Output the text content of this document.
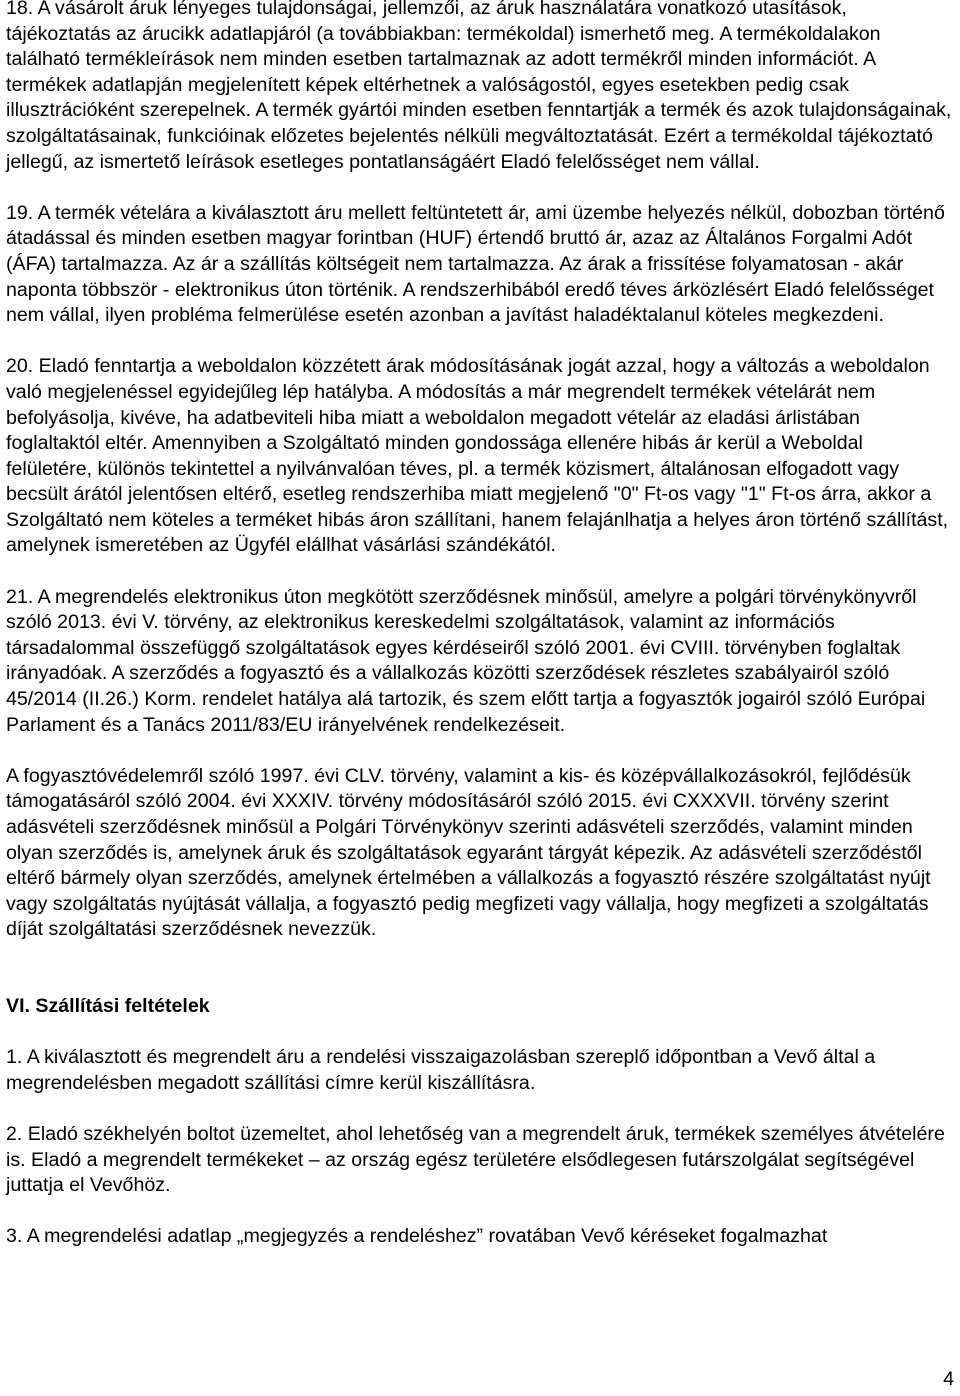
18. A vásárolt áruk lényeges tulajdonságai, jellemzői, az áruk használatára vonatkozó utasítások, tájékoztatás az árucikk adatlapjáról (a továbbiakban: termékoldal) ismerhető meg. A termékoldalakon található termékleírások nem minden esetben tartalmaznak az adott termékről minden információt. A termékek adatlapján megjelenített képek eltérhetnek a valóságostól, egyes esetekben pedig csak illusztrációként szerepelnek. A termék gyártói minden esetben fenntartják a termék és azok tulajdonságainak, szolgáltatásainak, funkcióinak előzetes bejelentés nélküli megváltoztatását. Ezért a termékoldal tájékoztató jellegű, az ismertető leírások esetleges pontatlanságáért Eladó felelősséget nem vállal.

19. A termék vételára a kiválasztott áru mellett feltüntetett ár, ami üzembe helyezés nélkül, dobozban történő átadással és minden esetben magyar forintban (HUF) értendő bruttó ár, azaz az Általános Forgalmi Adót (ÁFA) tartalmazza. Az ár a szállítás költségeit nem tartalmazza. Az árak a frissítése folyamatosan - akár naponta többször - elektronikus úton történik. A rendszerhibából eredő téves árközlésért Eladó felelősséget nem vállal, ilyen probléma felmerülése esetén azonban a javítást haladéktalanul köteles megkezdeni.

20. Eladó fenntartja a weboldalon közzétett árak módosításának jogát azzal, hogy a változás a weboldalon való megjelenéssel egyidejűleg lép hatályba. A módosítás a már megrendelt termékek vételárát nem befolyásolja, kivéve, ha adatbeviteli hiba miatt a weboldalon megadott vételár az eladási árlistában foglaltaktól eltér. Amennyiben a Szolgáltató minden gondossága ellenére hibás ár kerül a Weboldal felületére, különös tekintettel a nyilvánvalóan téves, pl. a termék közismert, általánosan elfogadott vagy becsült árától jelentősen eltérő, esetleg rendszerhiba miatt megjelenő "0" Ft-os vagy "1" Ft-os árra, akkor a Szolgáltató nem köteles a terméket hibás áron szállítani, hanem felajánlhatja a helyes áron történő szállítást, amelynek ismeretében az Ügyfél elállhat vásárlási szándékától.

21. A megrendelés elektronikus úton megkötött szerződésnek minősül, amelyre a polgári törvénykönyvről szóló 2013. évi V. törvény, az elektronikus kereskedelmi szolgáltatások, valamint az információs társadalommal összefüggő szolgáltatások egyes kérdéseiről szóló 2001. évi CVIII. törvényben foglaltak irányadóak. A szerződés a fogyasztó és a vállalkozás közötti szerződések részletes szabályairól szóló 45/2014 (II.26.) Korm. rendelet hatálya alá tartozik, és szem előtt tartja a fogyasztók jogairól szóló Európai Parlament és a Tanács 2011/83/EU irányelvének rendelkezéseit.

A fogyasztóvédelemről szóló 1997. évi CLV. törvény, valamint a kis- és középvállalkozásokról, fejlődésük támogatásáról szóló 2004. évi XXXIV. törvény módosításáról szóló 2015. évi CXXXVII. törvény szerint adásvételi szerződésnek minősül a Polgári Törvénykönyv szerinti adásvételi szerződés, valamint minden olyan szerződés is, amelynek áruk és szolgáltatások egyaránt tárgyát képezik. Az adásvételi szerződéstől eltérő bármely olyan szerződés, amelynek értelmében a vállalkozás a fogyasztó részére szolgáltatást nyújt vagy szolgáltatás nyújtását vállalja, a fogyasztó pedig megfizeti vagy vállalja, hogy megfizeti a szolgáltatás díját szolgáltatási szerződésnek nevezzük.

VI. Szállítási feltételek

1. A kiválasztott és megrendelt áru a rendelési visszaigazolásban szereplő időpontban a Vevő által a megrendelésben megadott szállítási címre kerül kiszállításra.

2. Eladó székhelyén boltot üzemeltet, ahol lehetőség van a megrendelt áruk, termékek személyes átvételére is. Eladó a megrendelt termékeket – az ország egész területére elsődlegesen futárszolgálat segítségével juttatja el Vevőhöz.

3. A megrendelési adatlap „megjegyzés a rendeléshez” rovatában Vevő kéréseket fogalmazhat

4
